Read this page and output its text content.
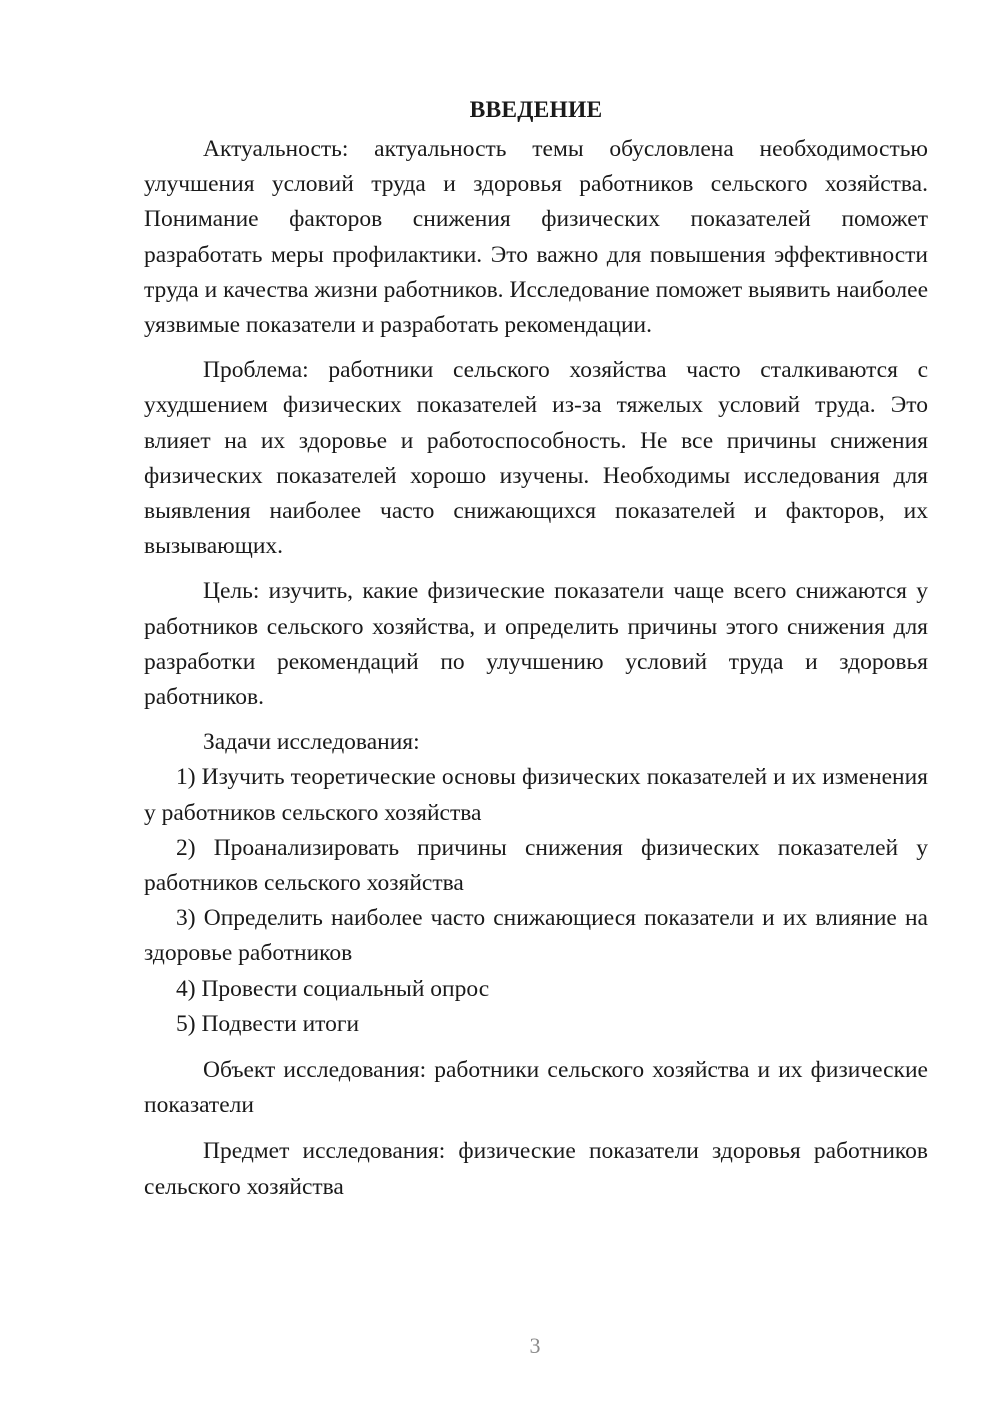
ВВЕДЕНИЕ

Актуальность: актуальность темы обусловлена необходимостью улучшения условий труда и здоровья работников сельского хозяйства. Понимание факторов снижения физических показателей поможет разработать меры профилактики. Это важно для повышения эффективности труда и качества жизни работников. Исследование поможет выявить наиболее уязвимые показатели и разработать рекомендации.

Проблема: работники сельского хозяйства часто сталкиваются с ухудшением физических показателей из-за тяжелых условий труда. Это влияет на их здоровье и работоспособность. Не все причины снижения физических показателей хорошо изучены. Необходимы исследования для выявления наиболее часто снижающихся показателей и факторов, их вызывающих.

Цель: изучить, какие физические показатели чаще всего снижаются у работников сельского хозяйства, и определить причины этого снижения для разработки рекомендаций по улучшению условий труда и здоровья работников.

Задачи исследования:

1) Изучить теоретические основы физических показателей и их изменения у работников сельского хозяйства

2) Проанализировать причины снижения физических показателей у работников сельского хозяйства

3) Определить наиболее часто снижающиеся показатели и их влияние на здоровье работников

4) Провести социальный опрос

5) Подвести итоги

Объект исследования: работники сельского хозяйства и их физические показатели

Предмет исследования: физические показатели здоровья работников сельского хозяйства

3
